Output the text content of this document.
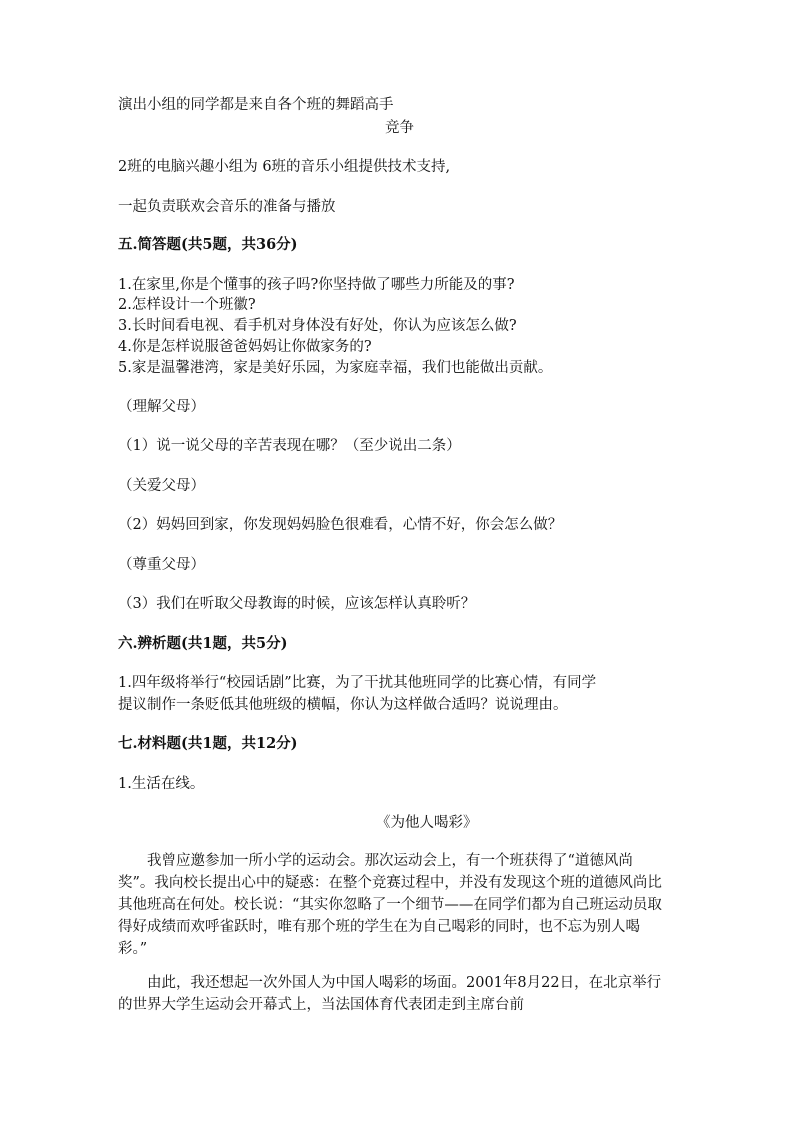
演出小组的同学都是来自各个班的舞蹈高手
竞争
2班的电脑兴趣小组为 6班的音乐小组提供技术支持,
一起负责联欢会音乐的准备与播放
五.简答题(共5题，共36分)
1.在家里,你是个懂事的孩子吗?你坚持做了哪些力所能及的事?
2.怎样设计一个班徽?
3.长时间看电视、看手机对身体没有好处，你认为应该怎么做?
4.你是怎样说服爸爸妈妈让你做家务的?
5.家是温馨港湾，家是美好乐园，为家庭幸福，我们也能做出贡献。
（理解父母）
（1）说一说父母的辛苦表现在哪？（至少说出二条）
（关爱父母）
（2）妈妈回到家，你发现妈妈脸色很难看，心情不好，你会怎么做？
（尊重父母）
（3）我们在听取父母教诲的时候，应该怎样认真聆听？
六.辨析题(共1题，共5分)
1.四年级将举行“校园话剧”比赛，为了干扰其他班同学的比赛心情，有同学
提议制作一条贬低其他班级的横幅，你认为这样做合适吗？说说理由。
七.材料题(共1题，共12分)
1.生活在线。
《为他人喝彩》

我曾应邀参加一所小学的运动会。那次运动会上，有一个班获得了“道德风尚奖”。我向校长提出心中的疑惑：在整个竞赛过程中，并没有发现这个班的道德风尚比其他班高在何处。校长说：“其实你忽略了一个细节——在同学们都为自己班运动员取得好成绩而欢呼雀跃时，唯有那个班的学生在为自己喝彩的同时，也不忘为别人喝彩。”

由此，我还想起一次外国人为中国人喝彩的场面。2001年8月22日，在北京举行的世界大学生运动会开幕式上，当法国体育代表团走到主席台前
